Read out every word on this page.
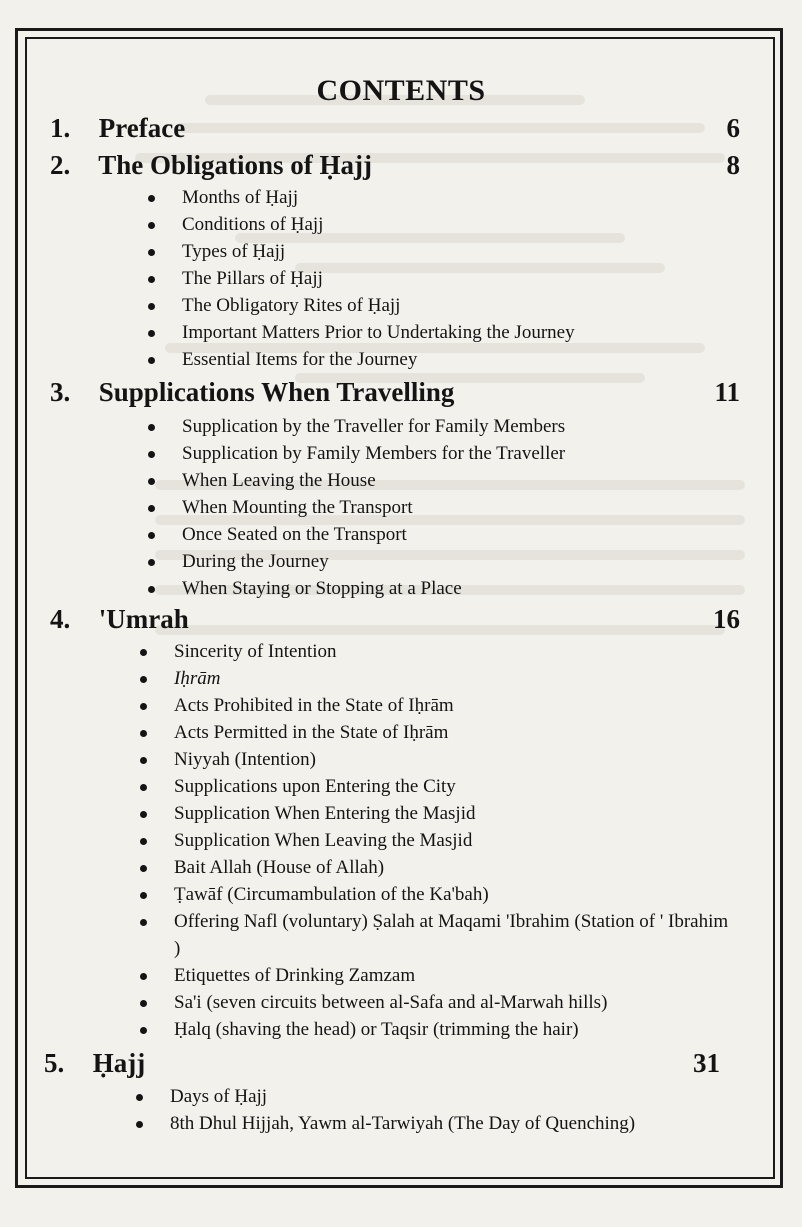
CONTENTS
1. Preface	6
2. The Obligations of Ḥajj	8
Months of Ḥajj
Conditions of Ḥajj
Types of Ḥajj
The Pillars of Ḥajj
The Obligatory Rites of Ḥajj
Important Matters Prior to Undertaking the Journey
Essential Items for the Journey
3. Supplications When Travelling	11
Supplication by the Traveller for Family Members
Supplication by Family Members for the Traveller
When Leaving the House
When Mounting the Transport
Once Seated on the Transport
During the Journey
When Staying or Stopping at a Place
4. 'Umrah	16
Sincerity of Intention
Iḥrām
Acts Prohibited in the State of Iḥrām
Acts Permitted in the State of Iḥrām
Niyyah (Intention)
Supplications upon Entering the City
Supplication When Entering the Masjid
Supplication When Leaving the Masjid
Bait Allah (House of Allah)
Ṭawāf (Circumambulation of the Ka'bah)
Offering Nafl (voluntary) Ṣalah at Maqami 'Ibrahim (Station of ' Ibrahim )
Etiquettes of Drinking Zamzam
Sa'i (seven circuits between al-Safa and al-Marwah hills)
Ḥalq (shaving the head) or Taqsir (trimming the hair)
5. Ḥajj	31
Days of Ḥajj
8th Dhul Hijjah, Yawm al-Tarwiyah (The Day of Quenching)
